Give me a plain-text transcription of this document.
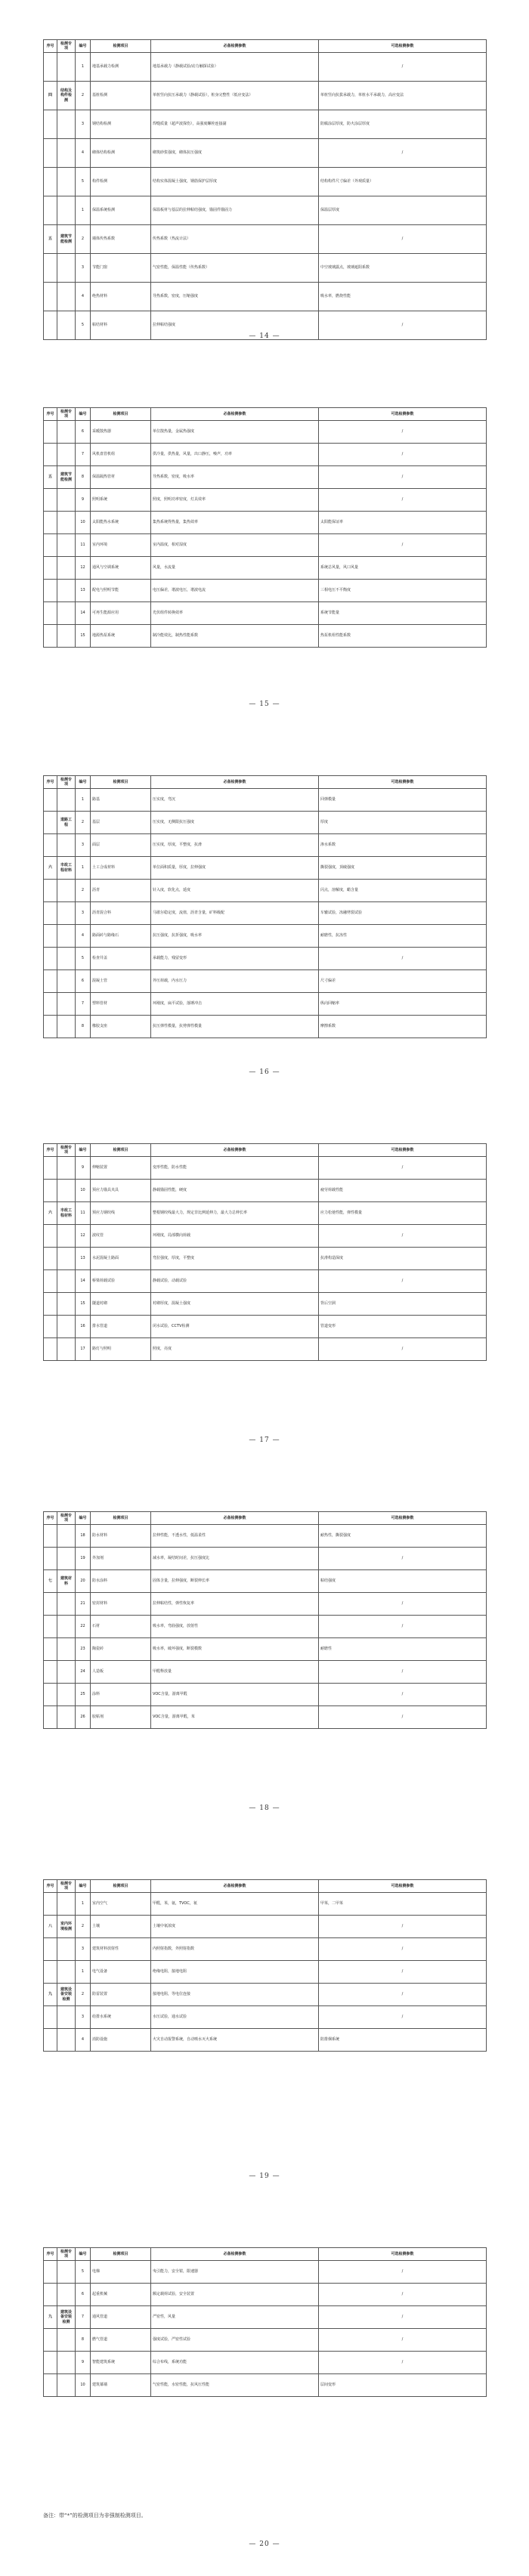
序号	检测专项	编号	检测项目	必备检测参数	可选检测参数
		1	地基承载力检测	地基承载力（静载试验/动力触探试验）	/
四	结构及构件检测	2	基桩检测	单桩竖向抗压承载力（静载试验），桩身完整性（低应变法）	单桩竖向抗拔承载力，单桩水平承载力，高应变法
		3	钢结构检测	焊缝质量（超声波探伤），高强度螺栓连接副	防腐涂层厚度，防火涂层厚度
		4	砌体结构检测	砌筑砂浆强度，砌体抗压强度	/
		5	构件检测	结构实体混凝土强度，钢筋保护层厚度	结构构件尺寸偏差（外观质量）
		1	保温系统检测	保温板材与基层的拉伸粘结强度，锚固件锚固力	保温层厚度
五	建筑节能检测	2	墙体传热系数	传热系数（热流计法）	/
		3	节能门窗	气密性能，保温性能（传热系数）	中空玻璃露点，玻璃遮阳系数
		4	绝热材料	导热系数，密度，压缩强度	吸水率，燃烧性能
		5	粘结材料	拉伸粘结强度	/
— 14 —
序号	检测专项	编号	检测项目	必备检测参数	可选检测参数
		6	采暖散热器	单位散热量，金属热强度	/
		7	风机盘管机组	供冷量，供热量，风量，出口静压，噪声，功率	/
五	建筑节能检测	8	保温隔热管材	导热系数，密度，吸水率	/
		9	照明系统	照度，照明功率密度，灯具效率	/
		10	太阳能热水系统	集热系统得热量，集热效率	太阳能保证率
		11	室内环境	室内温度，相对湿度	/
		12	通风与空调系统	风量，水流量	系统总风量，风口风量
		13	配电与照明节能	电压偏差，谐波电压，谐波电流	三相电压不平衡度
		14	可再生能源应用	光伏组件转换效率	系统节能量
		15	地源热泵系统	制冷能效比，制热性能系数	热泵机组性能系数
— 15 —
序号	检测专项	编号	检测项目	必备检测参数	可选检测参数
		1	路基	压实度，弯沉	回弹模量
	道路工程	2	基层	压实度，无侧限抗压强度	厚度
		3	面层	压实度，厚度，平整度，抗滑	渗水系数
六	市政工程材料	1	土工合成材料	单位面积质量，厚度，拉伸强度	撕裂强度，顶破强度
		2	沥青	针入度，软化点，延度	闪点，溶解度，蜡含量
		3	沥青混合料	马歇尔稳定度，流值，沥青含量，矿料级配	车辙试验，冻融劈裂试验
		4	路面砖与路缘石	抗压强度，抗折强度，吸水率	耐磨性，抗冻性
		5	检查井盖	承载能力，残留变形	/
		6	混凝土管	外压荷载，内水压力	尺寸偏差
		7	塑料管材	环刚度，扁平试验，落锤冲击	纵向回缩率
		8	橡胶支座	抗压弹性模量，抗剪弹性模量	摩擦系数
— 16 —
序号	检测专项	编号	检测项目	必备检测参数	可选检测参数
		9	伸缩装置	变形性能，防水性能	/
		10	预应力锚具夹具	静载锚固性能，硬度	疲劳荷载性能
六	市政工程材料	11	预应力钢绞线	整根钢绞线最大力，规定非比例延伸力，最大力总伸长率	应力松弛性能，弹性模量
		12	波纹管	环刚度，局部横向荷载	/
		13	水泥混凝土路面	弯拉强度，厚度，平整度	抗滑构造深度
		14	桥梁荷载试验	静载试验，动载试验	/
		15	隧道衬砌	衬砌厚度，混凝土强度	背后空洞
		16	排水管道	闭水试验，CCTV检测	管道变形
		17	路灯与照明	照度，亮度	/
— 17 —
序号	检测专项	编号	检测项目	必备检测参数	可选检测参数
		18	防水材料	拉伸性能，不透水性，低温柔性	耐热性，撕裂强度
		19	外加剂	减水率，凝结时间差，抗压强度比	/
七	建筑材料	20	防水涂料	固体含量，拉伸强度，断裂伸长率	粘结强度
		21	密封材料	拉伸粘结性，弹性恢复率	/
		22	石材	吸水率，弯曲强度，放射性	/
		23	陶瓷砖	吸水率，破坏强度，断裂模数	耐磨性
		24	人造板	甲醛释放量	/
		25	涂料	VOC含量，游离甲醛	/
		26	胶粘剂	VOC含量，游离甲醛，苯	/
— 18 —
序号	检测专项	编号	检测项目	必备检测参数	可选检测参数
		1	室内空气	甲醛，苯，氨，TVOC，氡	甲苯，二甲苯
八	室内环境检测	2	土壤	土壤中氡浓度	/
		3	建筑材料放射性	内照射指数，外照射指数	/
		1	电气设备	绝缘电阻，接地电阻	/
九	建筑设备安装检测	2	防雷装置	接地电阻，等电位连接	/
		3	给排水系统	水压试验，通水试验	/
		4	消防设施	火灾自动报警系统，自动喷水灭火系统	防排烟系统
— 19 —
序号	检测专项	编号	检测项目	必备检测参数	可选检测参数
		5	电梯	曳引能力，安全钳，限速器	/
		6	起重机械	额定载荷试验，安全装置	/
九	建筑设备安装检测	7	通风管道	严密性，风量	/
		8	燃气管道	强度试验，严密性试验	/
		9	智能建筑系统	综合布线，系统功能	/
		10	建筑幕墙	气密性能，水密性能，抗风压性能	层间变形
备注：带“*”的检测项目为非强制检测项目。
— 20 —
